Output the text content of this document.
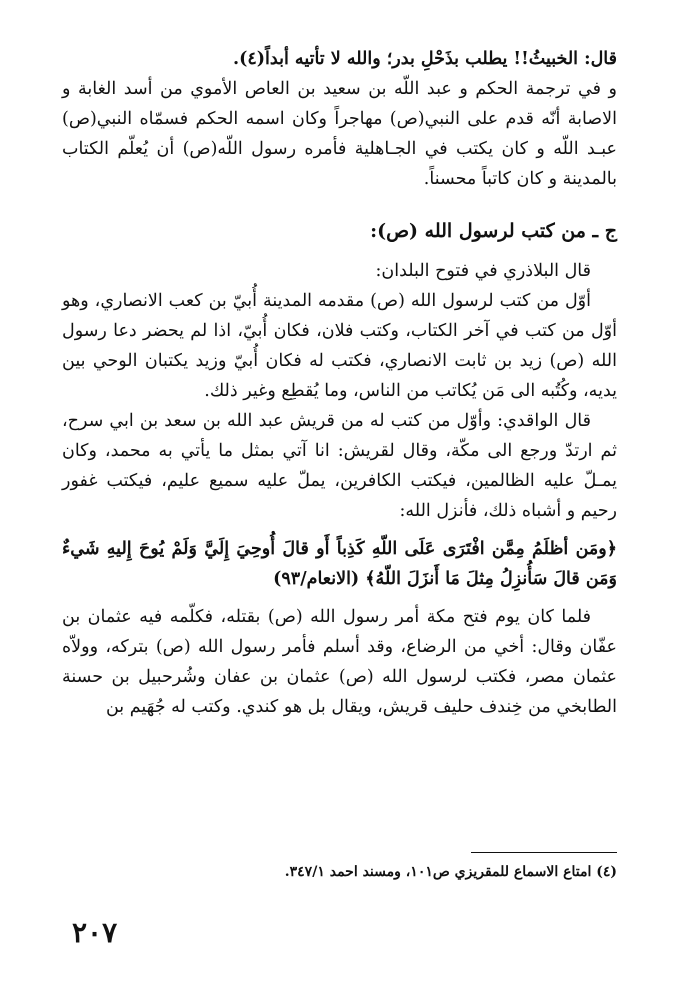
قال: الخبيثُ!! يطلب بذَحْلِ بدر؛ والله لا تأتيه أبداً(٤).

و في ترجمة الحكم و عبد اللّه بن سعيد بن العاص الأموي من أسد الغابة و الاصابة أنّه قدم على النبي(ص) مهاجراً وكان اسمه الحكم فسمّاه النبي(ص) عبـد اللّه و كان يكتب في الجـاهلية فأمره رسول اللّه(ص) أن يُعلّم الكتاب بالمدينة و كان كاتباً محسناً.

ج ـ من كتب لرسول الله (ص):

قال البلاذري في فتوح البلدان:

أوّل من كتب لرسول الله (ص) مقدمه المدينة أُبيّ بن كعب الانصاري، وهو أوّل من كتب في آخر الكتاب، وكتب فلان، فكان أُبيّ، اذا لم يحضر دعا رسول الله (ص) زيد بن ثابت الانصاري، فكتب له فكان أُبيّ وزيد يكتبان الوحي بين يديه، وكُتُبه الى مَن يُكاتب من الناس، وما يُقطِع وغير ذلك.

قال الواقدي: وأوّل من كتب له من قريش عبد الله بن سعد بن ابي سرح، ثم ارتدّ ورجع الى مكّة، وقال لقريش: انا آتي بمثل ما يأتي به محمد، وكان يمـلّ عليه الظالمين، فيكتب الكافرين، يملّ عليه سميع عليم، فيكتب غفور رحيم و أشباه ذلك، فأنزل الله:

﴿ومَن أظلَمُ مِمَّن افْتَرَى عَلَى اللّهِ كَذِباً أَو قالَ أُوحِيَ إِلَيَّ وَلَمْ يُوحَ إِليهِ شَيءٌ وَمَن قالَ سَأُنزِلُ مِثلَ مَا أَنزَلَ اللّهُ﴾ (الانعام/٩٣)

فلما كان يوم فتح مكة أمر رسول الله (ص) بقتله، فكلّمه فيه عثمان بن عفّان وقال: أخي من الرضاع، وقد أسلم فأمر رسول الله (ص) بتركه، وولاّه عثمان مصر، فكتب لرسول الله (ص) عثمان بن عفان وشُرحبيل بن حسنة الطابخي من خِندف حليف قريش، ويقال بل هو كندي. وكتب له جُهَيم بن

(٤) امتاع الاسماع للمقريزي ص١٠١، ومسند احمد ٣٤٧/١.

٢٠٧
